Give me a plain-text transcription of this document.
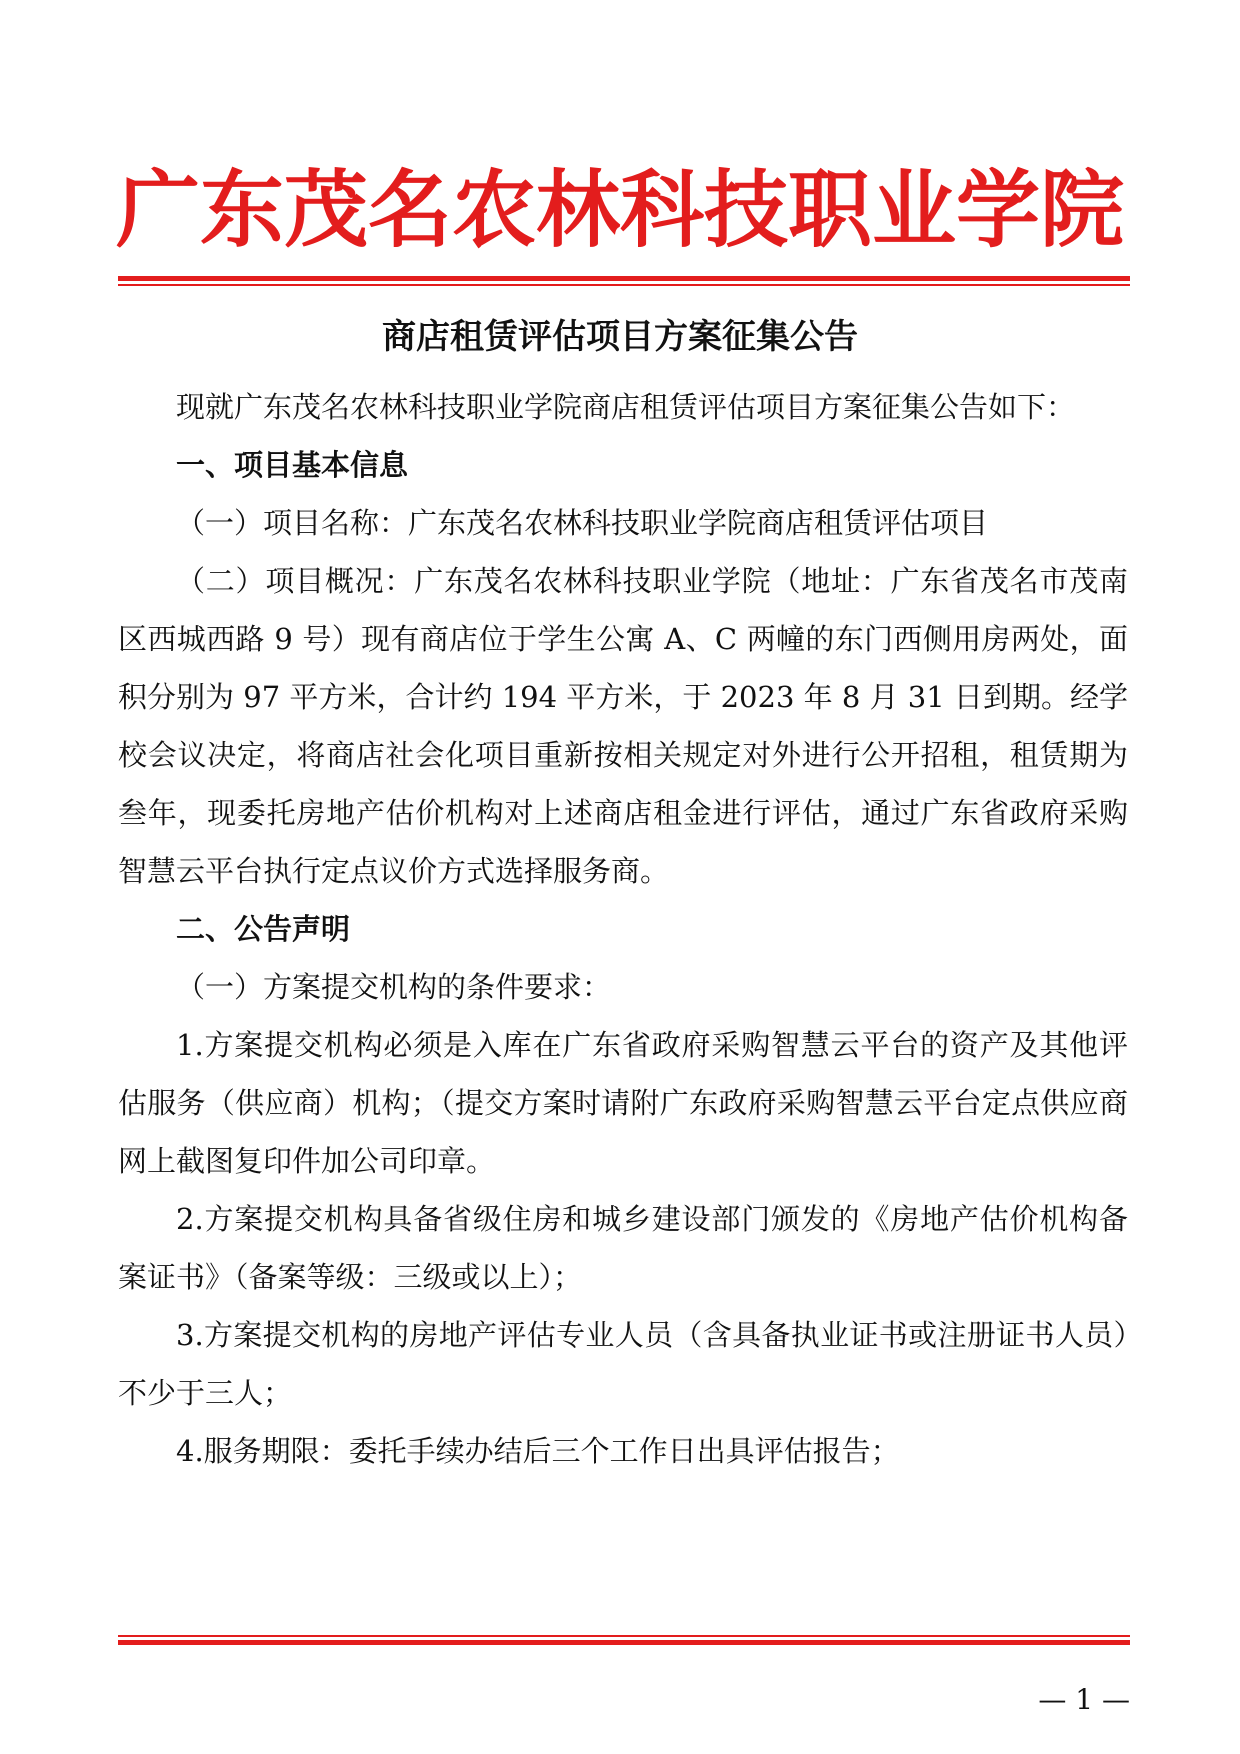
广东茂名农林科技职业学院
商店租赁评估项目方案征集公告

现就广东茂名农林科技职业学院商店租赁评估项目方案征集公告如下：

一、项目基本信息

（一）项目名称：广东茂名农林科技职业学院商店租赁评估项目

（二）项目概况：广东茂名农林科技职业学院（地址：广东省茂名市茂南区西城西路 9 号）现有商店位于学生公寓 A、C 两幢的东门西侧用房两处，面积分别为 97 平方米，合计约 194 平方米，于 2023 年 8 月 31 日到期。经学校会议决定，将商店社会化项目重新按相关规定对外进行公开招租，租赁期为叁年，现委托房地产估价机构对上述商店租金进行评估，通过广东省政府采购智慧云平台执行定点议价方式选择服务商。

二、公告声明

（一）方案提交机构的条件要求：

1.方案提交机构必须是入库在广东省政府采购智慧云平台的资产及其他评估服务（供应商）机构；（提交方案时请附广东政府采购智慧云平台定点供应商网上截图复印件加公司印章。

2.方案提交机构具备省级住房和城乡建设部门颁发的《房地产估价机构备案证书》（备案等级：三级或以上）；

3.方案提交机构的房地产评估专业人员（含具备执业证书或注册证书人员）不少于三人；

4.服务期限：委托手续办结后三个工作日出具评估报告；

— 1 —
